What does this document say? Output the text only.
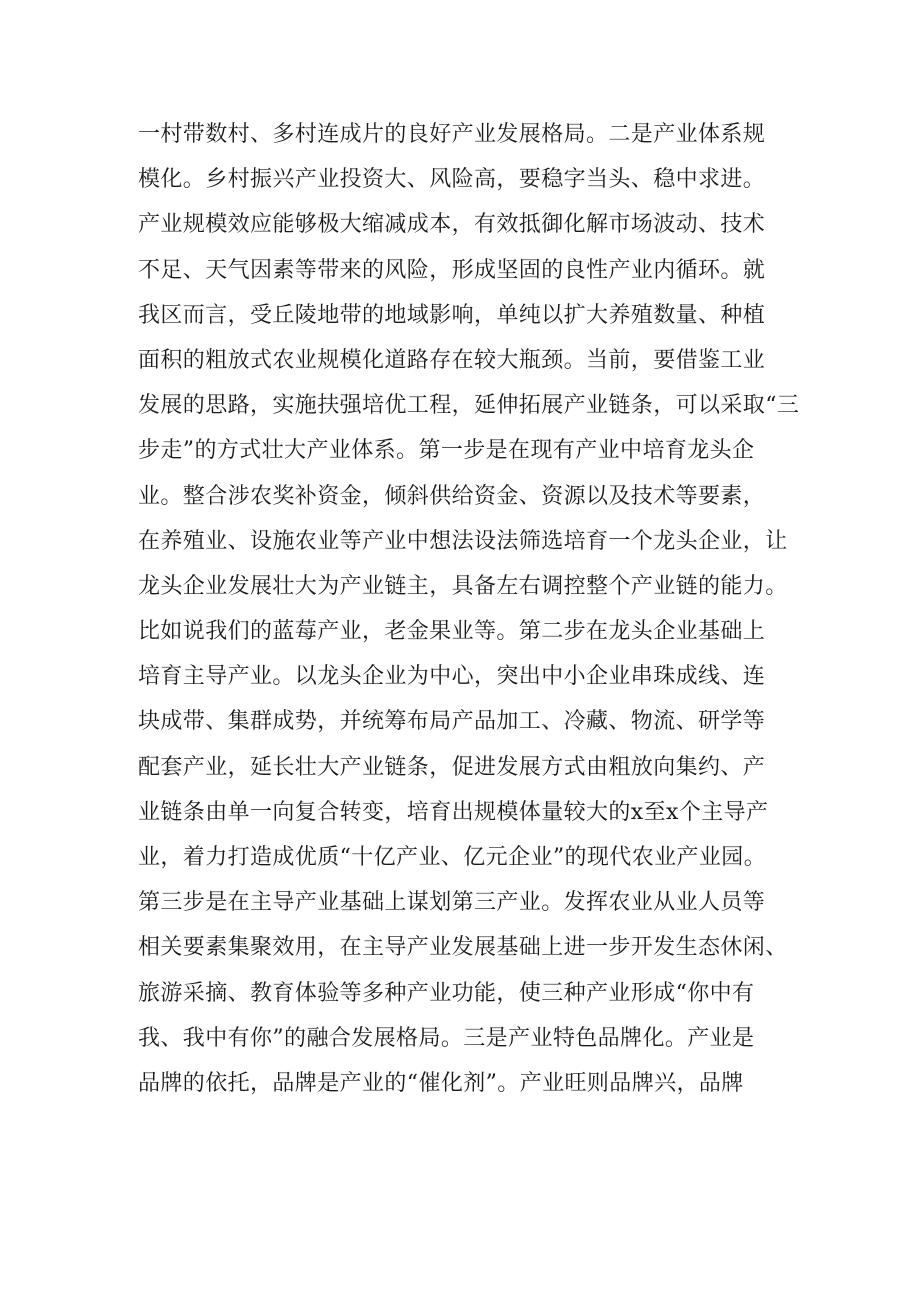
一村带数村、多村连成片的良好产业发展格局。二是产业体系规
模化。乡村振兴产业投资大、风险高，要稳字当头、稳中求进。
产业规模效应能够极大缩减成本，有效抵御化解市场波动、技术
不足、天气因素等带来的风险，形成坚固的良性产业内循环。就
我区而言，受丘陵地带的地域影响，单纯以扩大养殖数量、种植
面积的粗放式农业规模化道路存在较大瓶颈。当前，要借鉴工业
发展的思路，实施扶强培优工程，延伸拓展产业链条，可以采取“三
步走”的方式壮大产业体系。第一步是在现有产业中培育龙头企
业。整合涉农奖补资金，倾斜供给资金、资源以及技术等要素，
在养殖业、设施农业等产业中想法设法筛选培育一个龙头企业，让
龙头企业发展壮大为产业链主，具备左右调控整个产业链的能力。
比如说我们的蓝莓产业，老金果业等。第二步在龙头企业基础上
培育主导产业。以龙头企业为中心，突出中小企业串珠成线、连
块成带、集群成势，并统筹布局产品加工、冷藏、物流、研学等
配套产业，延长壮大产业链条，促进发展方式由粗放向集约、产
业链条由单一向复合转变，培育出规模体量较大的x至x个主导产
业，着力打造成优质“十亿产业、亿元企业”的现代农业产业园。
第三步是在主导产业基础上谋划第三产业。发挥农业从业人员等
相关要素集聚效用，在主导产业发展基础上进一步开发生态休闲、
旅游采摘、教育体验等多种产业功能，使三种产业形成“你中有
我、我中有你”的融合发展格局。三是产业特色品牌化。产业是
品牌的依托，品牌是产业的“催化剂”。产业旺则品牌兴，品牌
